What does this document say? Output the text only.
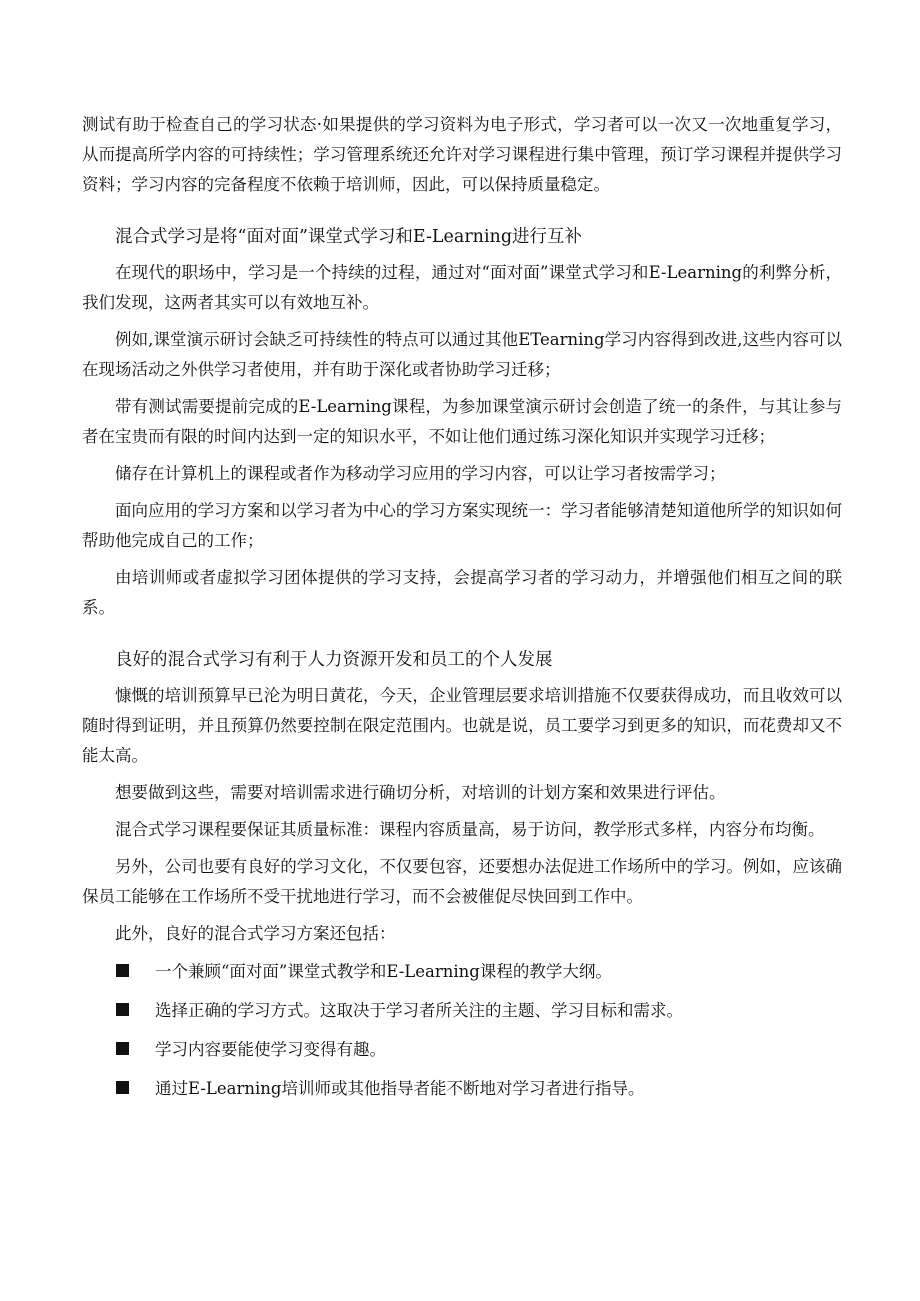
测试有助于检查自己的学习状态·如果提供的学习资料为电子形式，学习者可以一次又一次地重复学习，从而提高所学内容的可持续性；学习管理系统还允许对学习课程进行集中管理，预订学习课程并提供学习资料；学习内容的完备程度不依赖于培训师，因此，可以保持质量稳定。

混合式学习是将“面对面”课堂式学习和E-Learning进行互补

在现代的职场中，学习是一个持续的过程，通过对“面对面”课堂式学习和E-Learning的利弊分析，我们发现，这两者其实可以有效地互补。

例如,课堂演示研讨会缺乏可持续性的特点可以通过其他ETearning学习内容得到改进,这些内容可以在现场活动之外供学习者使用，并有助于深化或者协助学习迁移；

带有测试需要提前完成的E-Learning课程，为参加课堂演示研讨会创造了统一的条件，与其让参与者在宝贵而有限的时间内达到一定的知识水平，不如让他们通过练习深化知识并实现学习迁移；

储存在计算机上的课程或者作为移动学习应用的学习内容，可以让学习者按需学习；

面向应用的学习方案和以学习者为中心的学习方案实现统一：学习者能够清楚知道他所学的知识如何帮助他完成自己的工作；

由培训师或者虚拟学习团体提供的学习支持，会提高学习者的学习动力，并增强他们相互之间的联系。

良好的混合式学习有利于人力资源开发和员工的个人发展

慷慨的培训预算早已沦为明日黄花，今天，企业管理层要求培训措施不仅要获得成功，而且收效可以随时得到证明，并且预算仍然要控制在限定范围内。也就是说，员工要学习到更多的知识，而花费却又不能太高。

想要做到这些，需要对培训需求进行确切分析，对培训的计划方案和效果进行评估。

混合式学习课程要保证其质量标准：课程内容质量高，易于访问，教学形式多样，内容分布均衡。

另外，公司也要有良好的学习文化，不仅要包容，还要想办法促进工作场所中的学习。例如，应该确保员工能够在工作场所不受干扰地进行学习，而不会被催促尽快回到工作中。

此外，良好的混合式学习方案还包括：

一个兼顾“面对面”课堂式教学和E-Learning课程的教学大纲。
选择正确的学习方式。这取决于学习者所关注的主题、学习目标和需求。
学习内容要能使学习变得有趣。
通过E-Learning培训师或其他指导者能不断地对学习者进行指导。
